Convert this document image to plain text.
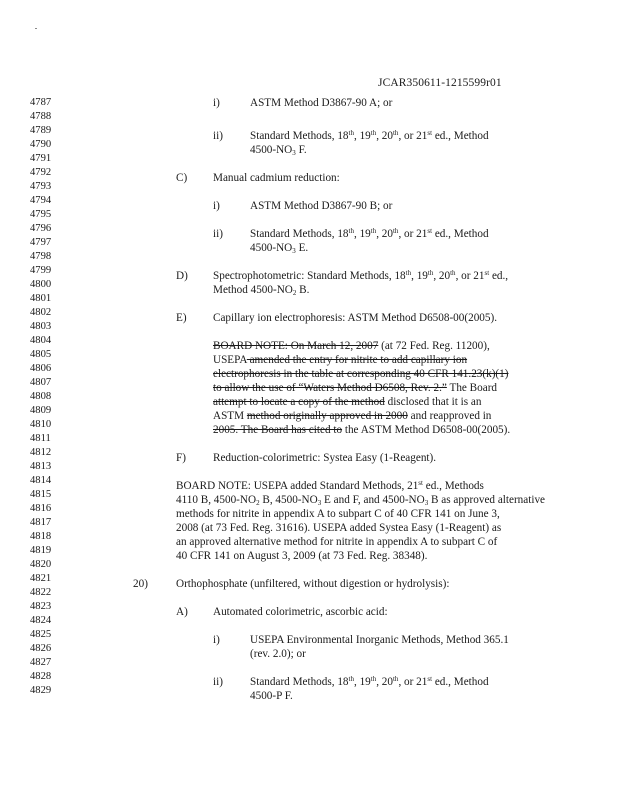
JCAR350611-1215599r01
4787
4788
4789
4790
4791
4792
4793
4794
4795
4796
4797
4798
4799
4800
4801
4802
4803
4804
4805
4806
4807
4808
4809
4810
4811
4812
4813
4814
4815
4816
4817
4818
4819
4820
4821
4822
4823
4824
4825
4826
4827
4828
4829
i)	ASTM Method D3867-90 A; or
ii) Standard Methods, 18th, 19th, 20th, or 21st ed., Method
$4500-NO_3$ F.
C) Manual cadmium reduction:
i)	ASTM Method D3867-90 B; or
ii) Standard Methods, 18th, 19th, 20th, or 21st ed., Method
$4500-NO_3$ E.
D) Spectrophotometric: Standard Methods, 18th, 19th, 20th, or 21st ed.,
Method $4500-NO_2$ B.
E) Capillary ion electrophoresis: ASTM Method D6508-00(2005).
BOARD NOTE: On March 12, 2007 (at 72 Fed. Reg. 11200),
USEPA amended the entry for nitrite to add capillary ion
electrophoresis in the table at corresponding 40 CFR 141.23(k)(1)
to allow the use of “Waters Method D6508, Rev. 2.” The Board
attempt to locate a copy of the method disclosed that it is an
ASTM method originally approved in 2000 and reapproved in
2005. The Board has cited to the ASTM Method D6508-00(2005).
F) Reduction-colorimetric: Systea Easy (1-Reagent).
BOARD NOTE: USEPA added Standard Methods, 21st ed., Methods
4110 B, $4500-NO_2$ B, $4500-NO_3$ E and F, and $4500-NO_3$ B as approved alternative
methods for nitrite in appendix A to subpart C of 40 CFR 141 on June 3,
2008 (at 73 Fed. Reg. 31616). USEPA added Systea Easy (1-Reagent) as
an approved alternative method for nitrite in appendix A to subpart C of
40 CFR 141 on August 3, 2009 (at 73 Fed. Reg. 38348).
20)	Orthophosphate (unfiltered, without digestion or hydrolysis):
A) Automated colorimetric, ascorbic acid:
i)	USEPA Environmental Inorganic Methods, Method 365.1
(rev. 2.0); or
ii) Standard Methods, 18th, 19th, 20th, or 21st ed., Method
4500-P F.
